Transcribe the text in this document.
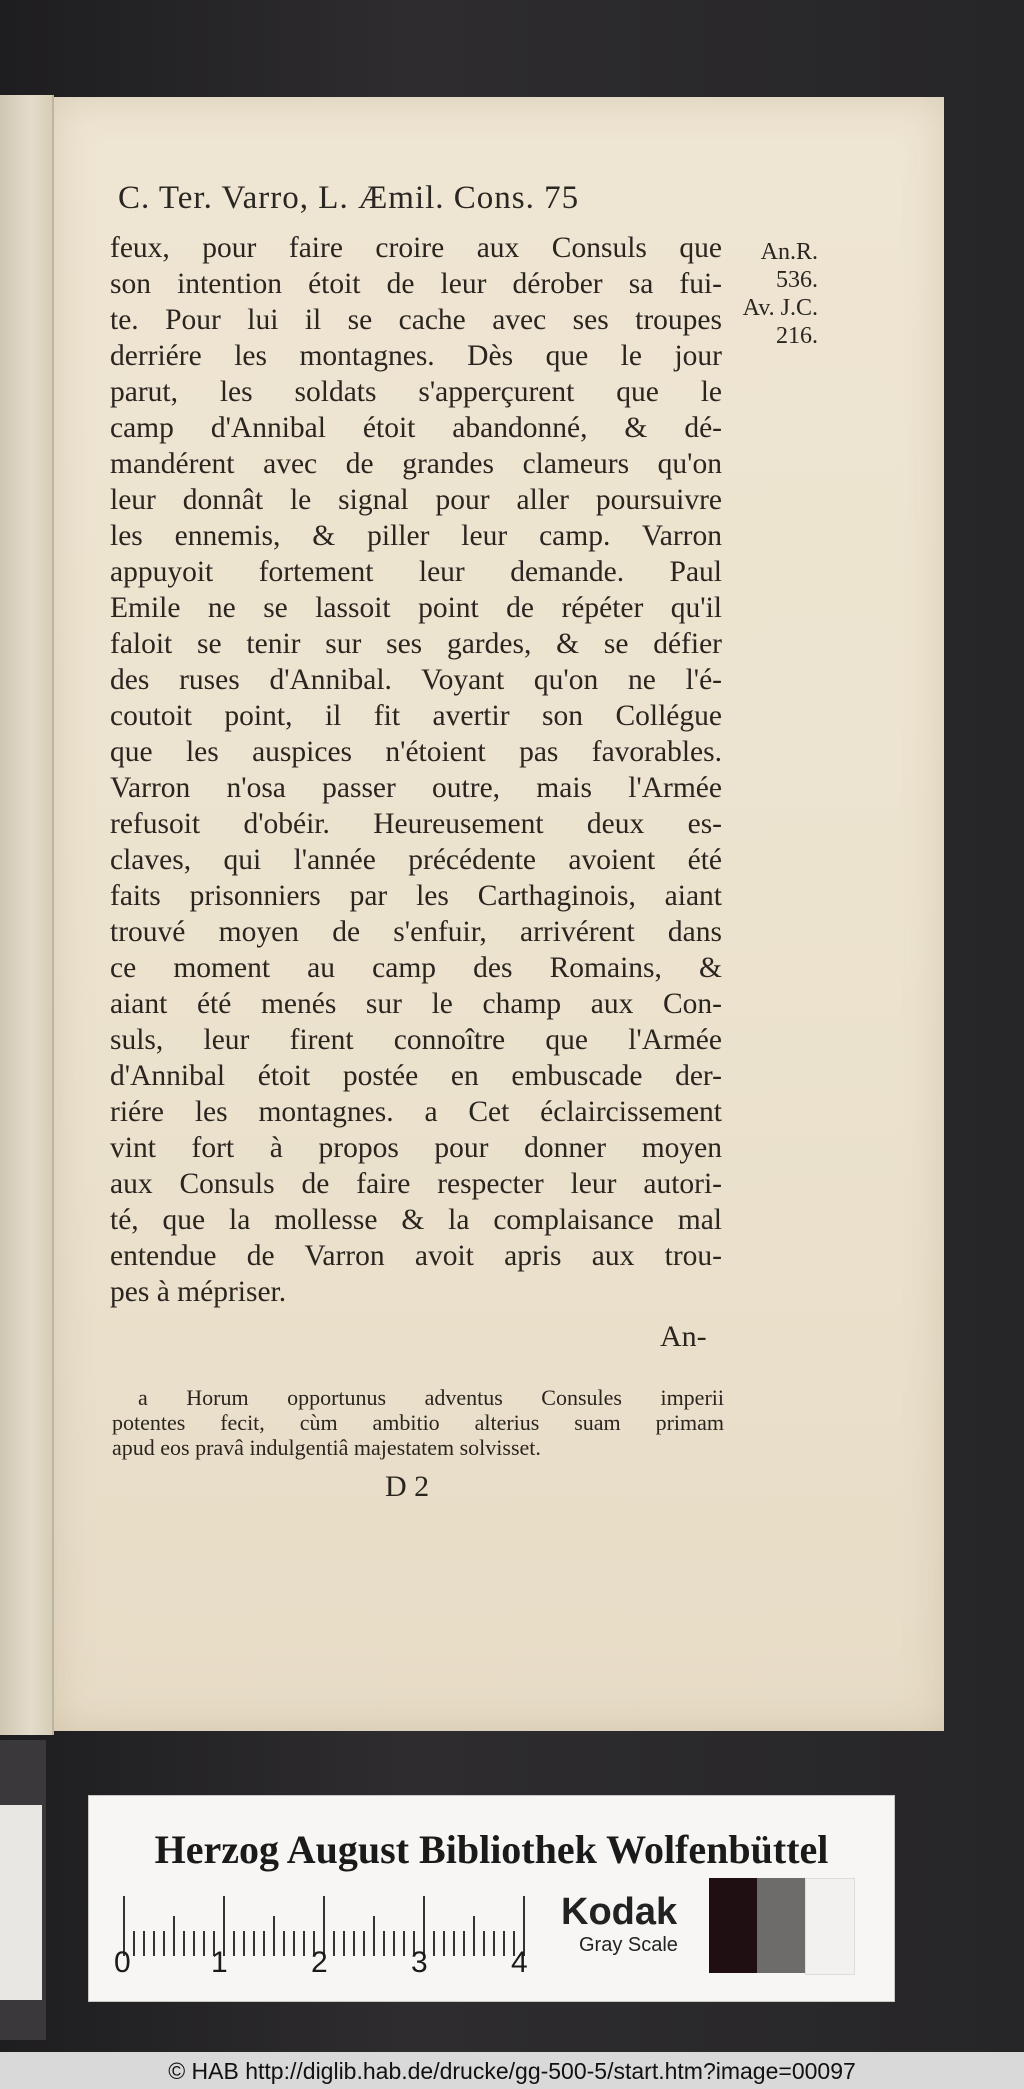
C. Ter. Varro, L. Æmil. Cons. 75
An.R.
536.
Av. J.C.
216.
feux, pour faire croire aux Consuls que
son intention étoit de leur dérober sa fui-
te. Pour lui il se cache avec ses troupes
derriére les montagnes. Dès que le jour
parut, les soldats s'apperçurent que le
camp d'Annibal étoit abandonné, & dé-
mandérent avec de grandes clameurs qu'on
leur donnât le signal pour aller poursuivre
les ennemis, & piller leur camp. Varron
appuyoit fortement leur demande. Paul
Emile ne se lassoit point de répéter qu'il
faloit se tenir sur ses gardes, & se défier
des ruses d'Annibal. Voyant qu'on ne l'é-
coutoit point, il fit avertir son Collégue
que les auspices n'étoient pas favorables.
Varron n'osa passer outre, mais l'Armée
refusoit d'obéir. Heureusement deux es-
claves, qui l'année précédente avoient été
faits prisonniers par les Carthaginois, aiant
trouvé moyen de s'enfuir, arrivérent dans
ce moment au camp des Romains, &
aiant été menés sur le champ aux Con-
suls, leur firent connoître que l'Armée
d'Annibal étoit postée en embuscade der-
riére les montagnes. a Cet éclaircissement
vint fort à propos pour donner moyen
aux Consuls de faire respecter leur autori-
té, que la mollesse & la complaisance mal
entendue de Varron avoit apris aux trou-
pes à mépriser.
An-
a Horum opportunus adventus Consules imperii
potentes fecit, cùm ambitio alterius suam primam
apud eos pravâ indulgentiâ majestatem solvisset.
D 2
Herzog August Bibliothek Wolfenbüttel
0	1	2	3	4
Kodak
Gray Scale
© HAB http://diglib.hab.de/drucke/gg-500-5/start.htm?image=00097
